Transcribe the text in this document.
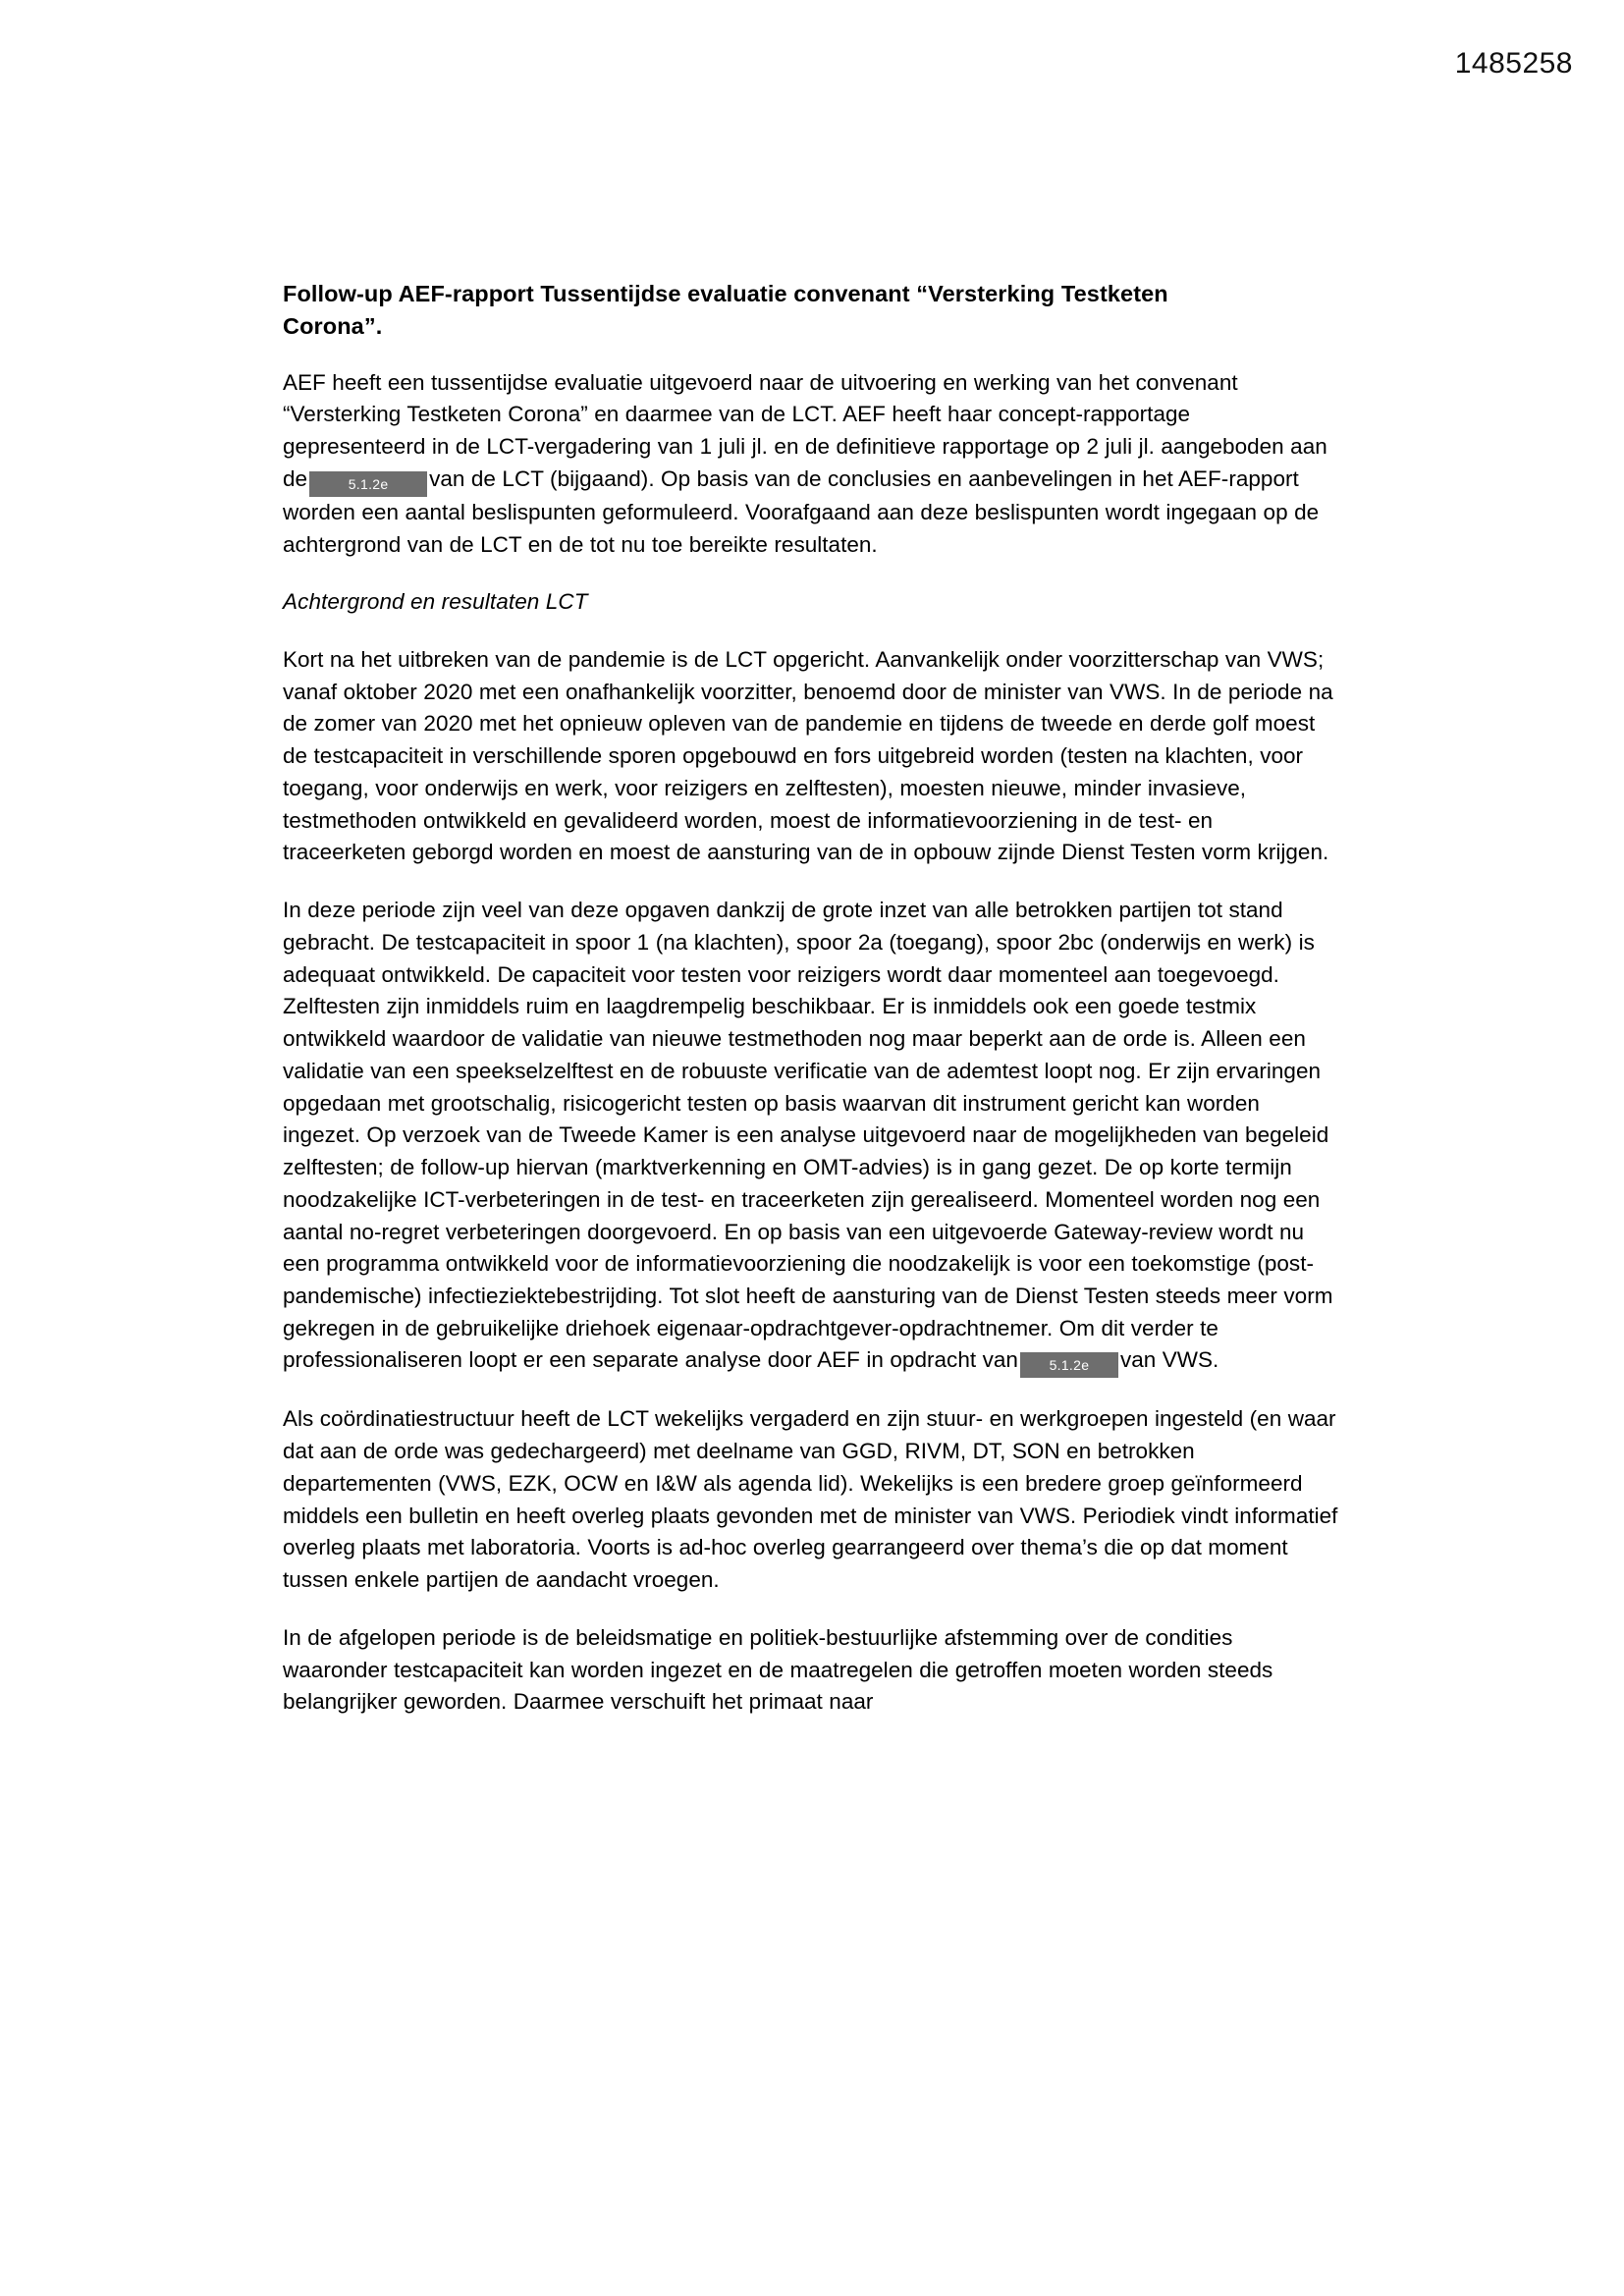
1485258
Follow-up AEF-rapport Tussentijdse evaluatie convenant “Versterking Testketen Corona”.

AEF heeft een tussentijdse evaluatie uitgevoerd naar de uitvoering en werking van het convenant “Versterking Testketen Corona” en daarmee van de LCT. AEF heeft haar concept-rapportage gepresenteerd in de LCT-vergadering van 1 juli jl. en de definitieve rapportage op 2 juli jl. aangeboden aan de	5.1.2e van de LCT (bijgaand). Op basis van de conclusies en aanbevelingen in het AEF-rapport worden een aantal beslispunten geformuleerd. Voorafgaand aan deze beslispunten wordt ingegaan op de achtergrond van de LCT en de tot nu toe bereikte resultaten.

Achtergrond en resultaten LCT

Kort na het uitbreken van de pandemie is de LCT opgericht. Aanvankelijk onder voorzitterschap van VWS; vanaf oktober 2020 met een onafhankelijk voorzitter, benoemd door de minister van VWS. In de periode na de zomer van 2020 met het opnieuw opleven van de pandemie en tijdens de tweede en derde golf moest de testcapaciteit in verschillende sporen opgebouwd en fors uitgebreid worden (testen na klachten, voor toegang, voor onderwijs en werk, voor reizigers en zelftesten), moesten nieuwe, minder invasieve, testmethoden ontwikkeld en gevalideerd worden, moest de informatievoorziening in de test- en traceerketen geborgd worden en moest de aansturing van de in opbouw zijnde Dienst Testen vorm krijgen.

In deze periode zijn veel van deze opgaven dankzij de grote inzet van alle betrokken partijen tot stand gebracht. De testcapaciteit in spoor 1 (na klachten), spoor 2a (toegang), spoor 2bc (onderwijs en werk) is adequaat ontwikkeld. De capaciteit voor testen voor reizigers wordt daar momenteel aan toegevoegd. Zelftesten zijn inmiddels ruim en laagdrempelig beschikbaar. Er is inmiddels ook een goede testmix ontwikkeld waardoor de validatie van nieuwe testmethoden nog maar beperkt aan de orde is. Alleen een validatie van een speekselzelftest en de robuuste verificatie van de ademtest loopt nog. Er zijn ervaringen opgedaan met grootschalig, risicogericht testen op basis waarvan dit instrument gericht kan worden ingezet. Op verzoek van de Tweede Kamer is een analyse uitgevoerd naar de mogelijkheden van begeleid zelftesten; de follow-up hiervan (marktverkenning en OMT-advies) is in gang gezet. De op korte termijn noodzakelijke ICT-verbeteringen in de test- en traceerketen zijn gerealiseerd. Momenteel worden nog een aantal no-regret verbeteringen doorgevoerd. En op basis van een uitgevoerde Gateway-review wordt nu een programma ontwikkeld voor de informatievoorziening die noodzakelijk is voor een toekomstige (post-pandemische) infectieziektebestrijding. Tot slot heeft de aansturing van de Dienst Testen steeds meer vorm gekregen in de gebruikelijke driehoek eigenaar-opdrachtgever-opdrachtnemer. Om dit verder te professionaliseren loopt er een separate analyse door AEF in opdracht van 5.1.2e van VWS.

Als coördinatiestructuur heeft de LCT wekelijks vergaderd en zijn stuur- en werkgroepen ingesteld (en waar dat aan de orde was gedechargeerd) met deelname van GGD, RIVM, DT, SON en betrokken departementen (VWS, EZK, OCW en I&W als agenda lid). Wekelijks is een bredere groep geïnformeerd middels een bulletin en heeft overleg plaats gevonden met de minister van VWS. Periodiek vindt informatief overleg plaats met laboratoria. Voorts is ad-hoc overleg gearrangeerd over thema’s die op dat moment tussen enkele partijen de aandacht vroegen.

In de afgelopen periode is de beleidsmatige en politiek-bestuurlijke afstemming over de condities waaronder testcapaciteit kan worden ingezet en de maatregelen die getroffen moeten worden steeds belangrijker geworden. Daarmee verschuift het primaat naar
